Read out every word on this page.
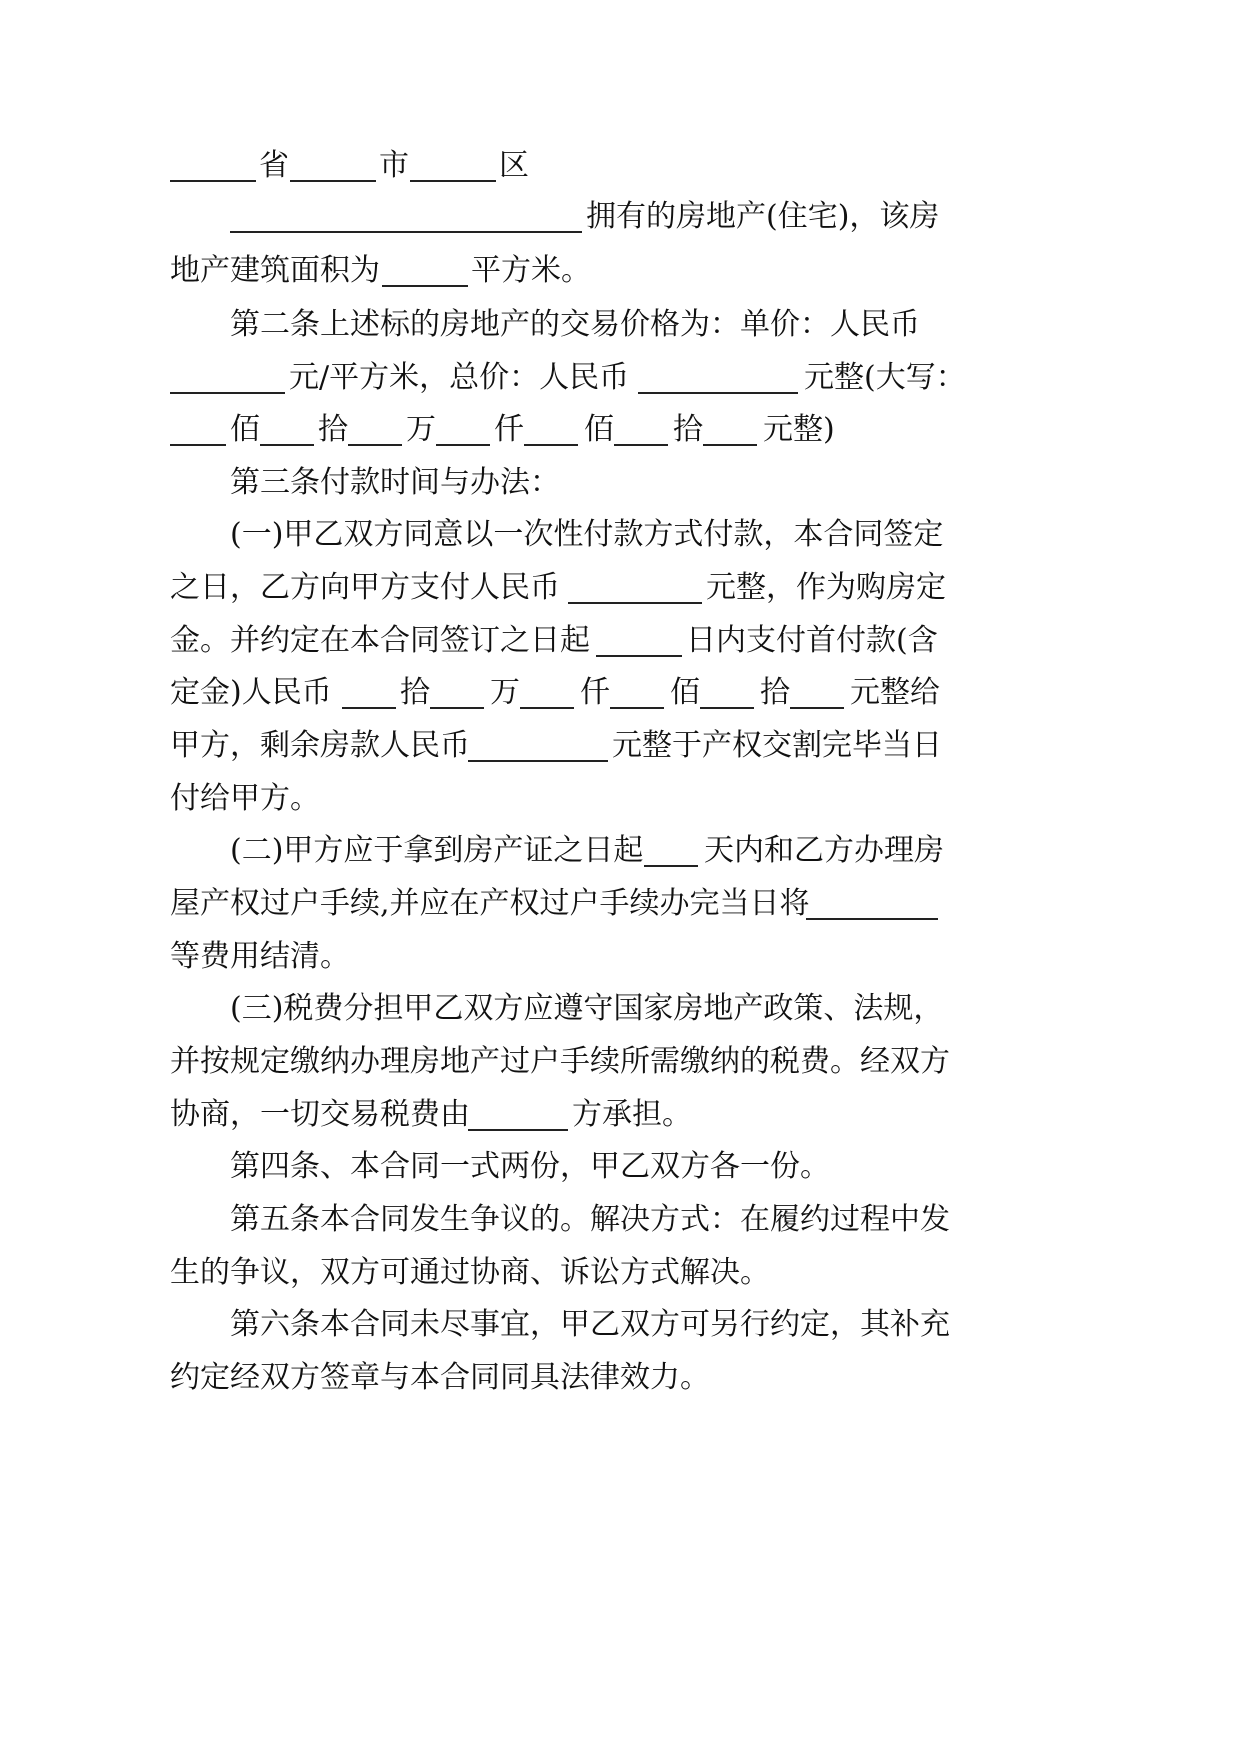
省	市	区
拥有的房地产(住宅)，该房
地产建筑面积为	平方米。
第二条上述标的房地产的交易价格为：单价：人民币
元/平方米，总价：人民币	元整(大写：
佰 拾 万 仟 佰 拾 元整)
第三条付款时间与办法：
(一)甲乙双方同意以一次性付款方式付款，本合同签定
之日，乙方向甲方支付人民币	元整，作为购房定
金。并约定在本合同签订之日起	日内支付首付款(含
定金)人民币 拾 万 仟 佰 拾 元整给
甲方，剩余房款人民币	元整于产权交割完毕当日
付给甲方。
(二)甲方应于拿到房产证之日起 天内和乙方办理房
屋产权过户手续,并应在产权过户手续办完当日将
等费用结清。
(三)税费分担甲乙双方应遵守国家房地产政策、法规，
并按规定缴纳办理房地产过户手续所需缴纳的税费。经双方
协商，一切交易税费由	方承担。
第四条、本合同一式两份，甲乙双方各一份。
第五条本合同发生争议的。解决方式：在履约过程中发
生的争议，双方可通过协商、诉讼方式解决。
第六条本合同未尽事宜，甲乙双方可另行约定，其补充
约定经双方签章与本合同同具法律效力。
